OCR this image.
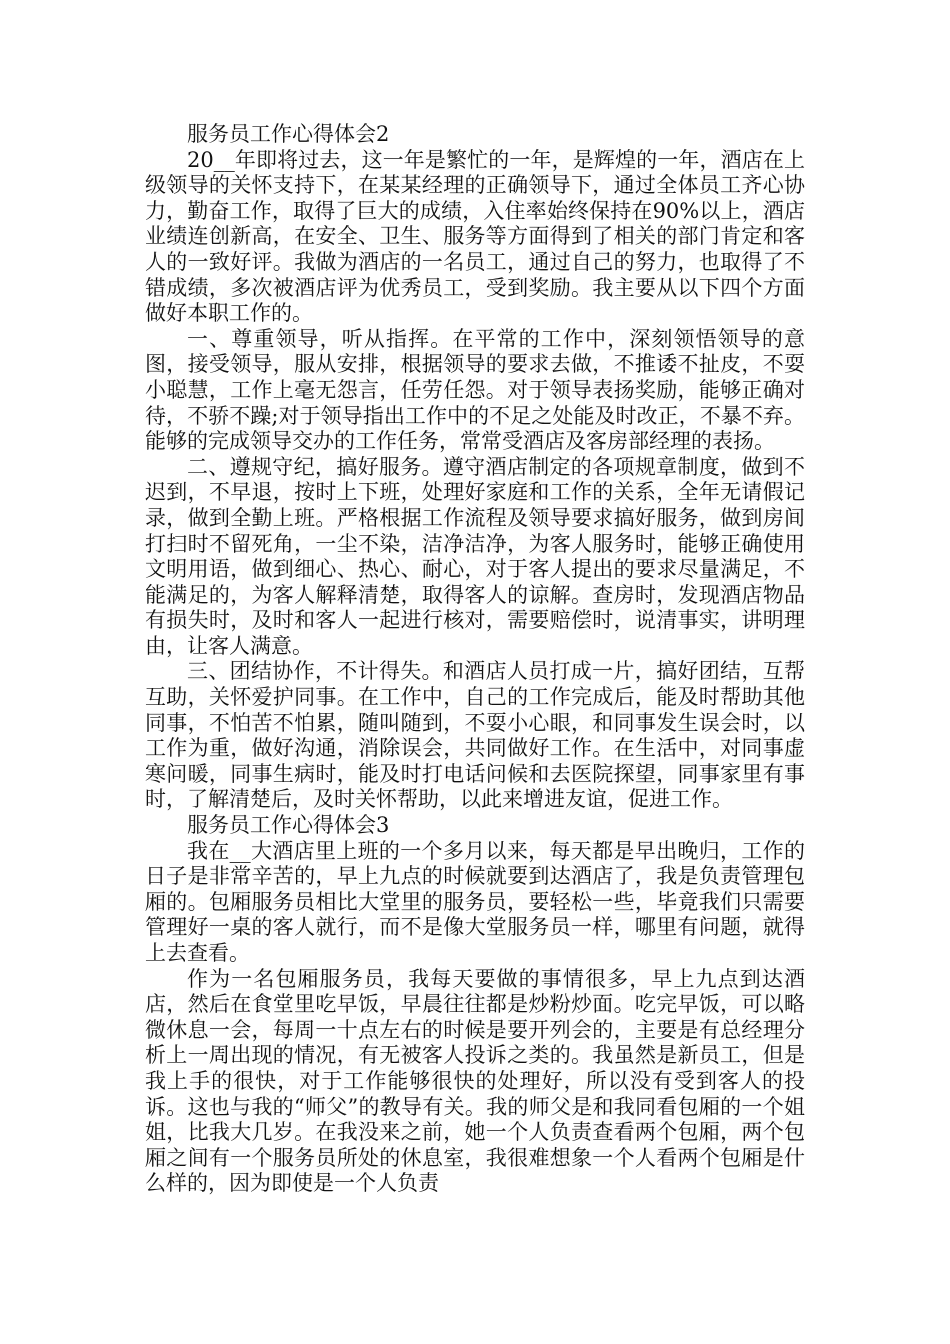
服务员工作心得体会2

20__年即将过去，这一年是繁忙的一年，是辉煌的一年，酒店在上级领导的关怀支持下，在某某经理的正确领导下，通过全体员工齐心协力，勤奋工作，取得了巨大的成绩，入住率始终保持在90%以上，酒店业绩连创新高，在安全、卫生、服务等方面得到了相关的部门肯定和客人的一致好评。我做为酒店的一名员工，通过自己的努力，也取得了不错成绩，多次被酒店评为优秀员工，受到奖励。我主要从以下四个方面做好本职工作的。

一、尊重领导，听从指挥。在平常的工作中，深刻领悟领导的意图，接受领导，服从安排，根据领导的要求去做，不推诿不扯皮，不耍小聪慧，工作上毫无怨言，任劳任怨。对于领导表扬奖励，能够正确对待，不骄不躁;对于领导指出工作中的不足之处能及时改正，不暴不弃。能够的完成领导交办的工作任务，常常受酒店及客房部经理的表扬。

二、遵规守纪，搞好服务。遵守酒店制定的各项规章制度，做到不迟到，不早退，按时上下班，处理好家庭和工作的关系，全年无请假记录，做到全勤上班。严格根据工作流程及领导要求搞好服务，做到房间打扫时不留死角，一尘不染，洁净洁净，为客人服务时，能够正确使用文明用语，做到细心、热心、耐心，对于客人提出的要求尽量满足，不能满足的，为客人解释清楚，取得客人的谅解。查房时，发现酒店物品有损失时，及时和客人一起进行核对，需要赔偿时，说清事实，讲明理由，让客人满意。

三、团结协作，不计得失。和酒店人员打成一片，搞好团结，互帮互助，关怀爱护同事。在工作中，自己的工作完成后，能及时帮助其他同事，不怕苦不怕累，随叫随到，不耍小心眼，和同事发生误会时，以工作为重，做好沟通，消除误会，共同做好工作。在生活中，对同事虚寒问暖，同事生病时，能及时打电话问候和去医院探望，同事家里有事时，了解清楚后，及时关怀帮助，以此来增进友谊，促进工作。

服务员工作心得体会3

我在__大酒店里上班的一个多月以来，每天都是早出晚归，工作的日子是非常辛苦的，早上九点的时候就要到达酒店了，我是负责管理包厢的。包厢服务员相比大堂里的服务员，要轻松一些，毕竟我们只需要管理好一桌的客人就行，而不是像大堂服务员一样，哪里有问题，就得上去查看。

作为一名包厢服务员，我每天要做的事情很多，早上九点到达酒店，然后在食堂里吃早饭，早晨往往都是炒粉炒面。吃完早饭，可以略微休息一会，每周一十点左右的时候是要开列会的，主要是有总经理分析上一周出现的情况，有无被客人投诉之类的。我虽然是新员工，但是我上手的很快，对于工作能够很快的处理好，所以没有受到客人的投诉。这也与我的“师父”的教导有关。我的师父是和我同看包厢的一个姐姐，比我大几岁。在我没来之前，她一个人负责查看两个包厢，两个包厢之间有一个服务员所处的休息室，我很难想象一个人看两个包厢是什么样的，因为即使是一个人负责
